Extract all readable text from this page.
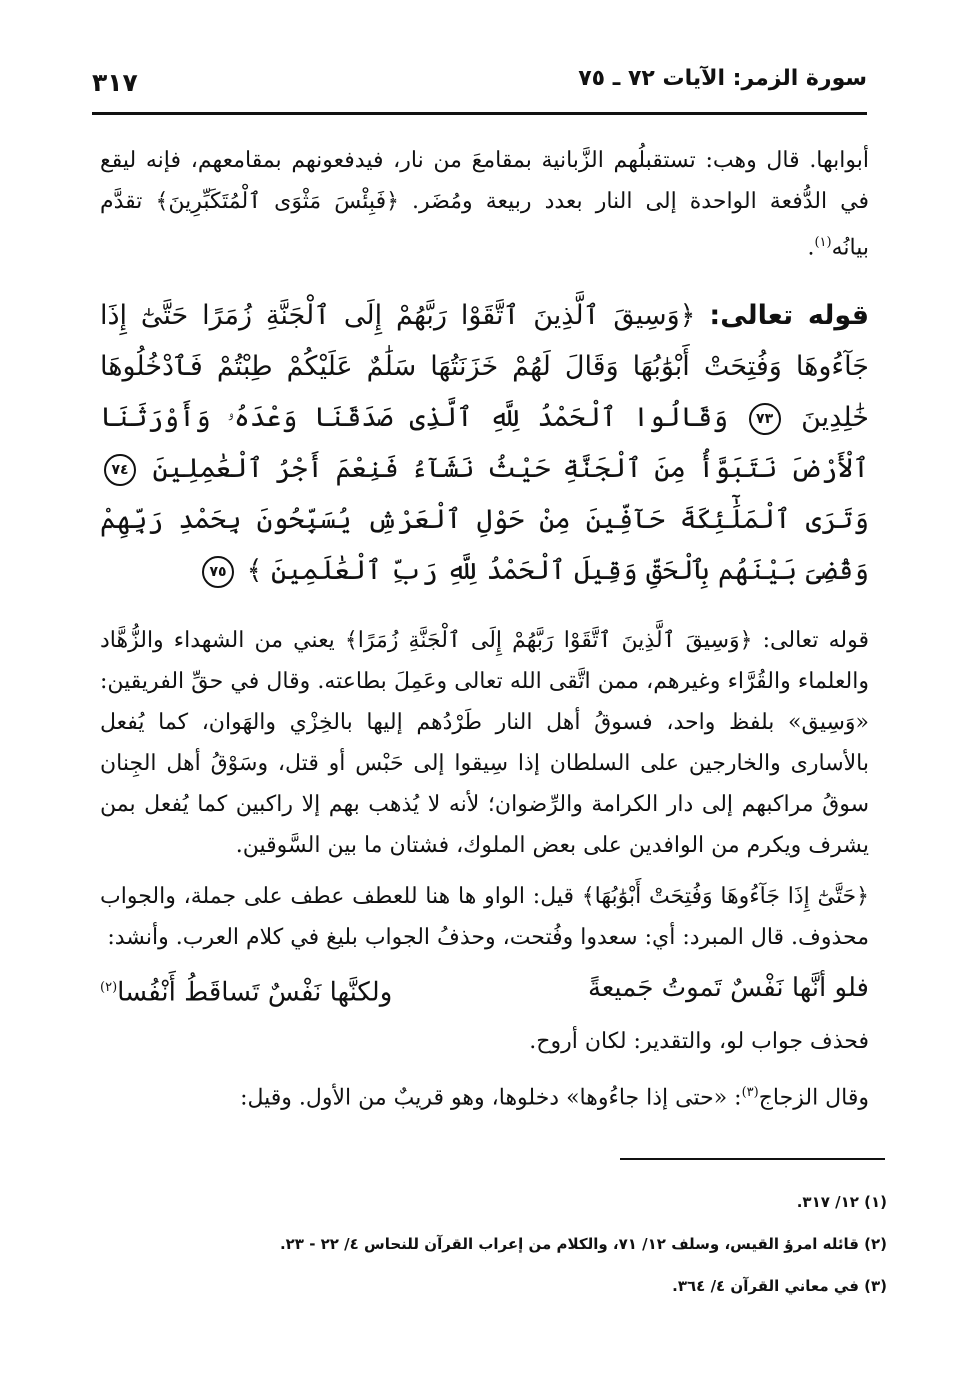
سورة الزمر: الآيات ٧٢ ـ ٧٥
٣١٧

أبوابها. قال وهب: تستقبلُهم الزَّبانية بمقامعَ من نار، فيدفعونهم بمقامعهم، فإنه ليقع في الدُّفعة الواحدة إلى النار بعدد ربيعة ومُضَر. ﴿فَبِئْسَ مَثْوَى ٱلْمُتَكَبِّرِينَ﴾ تقدَّم بيانُه$^{(١)}$.

قوله تعالى: ﴿وَسِيقَ ٱلَّذِينَ ٱتَّقَوْا رَبَّهُمْ إِلَى ٱلْجَنَّةِ زُمَرًا حَتَّىٰٓ إِذَا جَآءُوهَا وَفُتِحَتْ أَبْوَٰبُهَا وَقَالَ لَهُمْ خَزَنَتُهَا سَلَٰمٌ عَلَيْكُمْ طِبْتُمْ فَٱدْخُلُوهَا خَٰلِدِينَ ٧٣ وَقَالُوا ٱلْحَمْدُ لِلَّهِ ٱلَّذِى صَدَقَنَا وَعْدَهُۥ وَأَوْرَثَنَا ٱلْأَرْضَ نَتَبَوَّأُ مِنَ ٱلْجَنَّةِ حَيْثُ نَشَآءُ فَنِعْمَ أَجْرُ ٱلْعَٰمِلِينَ ٧٤ وَتَرَى ٱلْمَلَٰٓئِكَةَ حَآفِّينَ مِنْ حَوْلِ ٱلْعَرْشِ يُسَبِّحُونَ بِحَمْدِ رَبِّهِمْ وَقُضِىَ بَيْنَهُم بِٱلْحَقِّ وَقِيلَ ٱلْحَمْدُ لِلَّهِ رَبِّ ٱلْعَٰلَمِينَ ﴾ ٧٥

قوله تعالى: ﴿وَسِيقَ ٱلَّذِينَ ٱتَّقَوْا رَبَّهُمْ إِلَى ٱلْجَنَّةِ زُمَرًا﴾ يعني من الشهداء والزُّهَّاد والعلماء والقُرَّاء وغيرهم، ممن اتَّقى الله تعالى وعَمِلَ بطاعته. وقال في حقِّ الفريقين: «وَسِيق» بلفظ واحد، فسوقُ أهل النار طَرْدُهم إليها بالخِزْي والهَوان، كما يُفعل بالأسارى والخارجين على السلطان إذا سِيقوا إلى حَبْس أو قتل، وسَوْقُ أهل الجِنان سوقُ مراكبهم إلى دار الكرامة والرِّضوان؛ لأنه لا يُذهب بهم إلا راكبين كما يُفعل بمن يشرف ويكرم من الوافدين على بعض الملوك، فشتان ما بين السَّوقين.

﴿حَتَّىٰٓ إِذَا جَآءُوهَا وَفُتِحَتْ أَبْوَٰبُهَا﴾ قيل: الواو ها هنا للعطف عطف على جملة، والجواب محذوف. قال المبرد: أي: سعدوا وفُتحت، وحذفُ الجواب بليغ في كلام العرب. وأنشد:

فلو أنَّها نَفْسٌ تَموتُ جَميعةً
ولكنَّها نَفْسٌ تَساقَطُ أَنْفُسا$^{(٢)}$

فحذف جواب لو، والتقدير: لكان أروح.

وقال الزجاج$^{(٣)}$: «حتى إذا جاءُوها» دخلوها، وهو قريبٌ من الأول. وقيل:

(١) ١٢/ ٣١٧.

(٢) قائله امرؤ القيس، وسلف ١٢/ ٧١، والكلام من إعراب القرآن للنحاس ٤/ ٢٢ - ٢٣.

(٣) في معاني القرآن ٤/ ٣٦٤.
